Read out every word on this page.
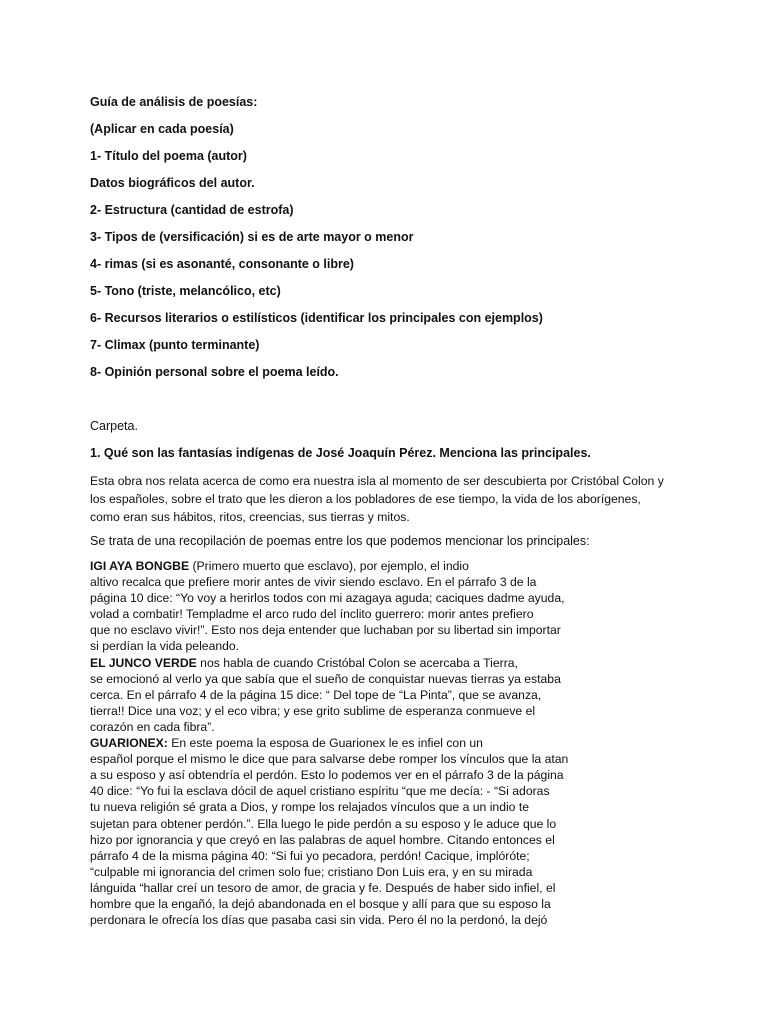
Guía de análisis de poesías:

(Aplicar en cada poesía)

1- Título del poema (autor)

Datos biográficos del autor.

2- Estructura (cantidad de estrofa)

3- Tipos de (versificación) si es de arte mayor o menor

4- rimas (si es asonanté, consonante o libre)

5- Tono (triste, melancólico, etc)

6- Recursos literarios o estilísticos (identificar los principales con ejemplos)

7- Climax (punto terminante)

8- Opinión personal sobre el poema leído.

Carpeta.

1. Qué son las fantasías indígenas de José Joaquín Pérez. Menciona las principales.

Esta obra nos relata acerca de como era nuestra isla al momento de ser descubierta por Cristóbal Colon y

los españoles, sobre el trato que les dieron a los pobladores de ese tiempo, la vida de los aborígenes,

como eran sus hábitos, ritos, creencias, sus tierras y mitos.

Se trata de una recopilación de poemas entre los que podemos mencionar los principales:

IGI AYA BONGBE (Primero muerto que esclavo), por ejemplo, el indio

altivo recalca que prefiere morir antes de vivir siendo esclavo. En el párrafo 3 de la

página 10 dice: “Yo voy a herirlos todos con mi azagaya aguda; caciques dadme ayuda,

volad a combatir! Templadme el arco rudo del ínclito guerrero: morir antes prefiero

que no esclavo vivir!”. Esto nos deja entender que luchaban por su libertad sin importar

si perdían la vida peleando.

EL JUNCO VERDE nos habla de cuando Cristóbal Colon se acercaba a Tierra,

se emocionó al verlo ya que sabía que el sueño de conquistar nuevas tierras ya estaba

cerca. En el párrafo 4 de la página 15 dice: “ Del tope de “La Pinta”, que se avanza,

tierra!! Dice una voz; y el eco vibra; y ese grito sublime de esperanza conmueve el

corazón en cada fibra”.

GUARIONEX: En este poema la esposa de Guarionex le es infiel con un

español porque el mismo le dice que para salvarse debe romper los vínculos que la atan

a su esposo y así obtendría el perdón. Esto lo podemos ver en el párrafo 3 de la página

40 dice: “Yo fui la esclava dócil de aquel cristiano espíritu “que me decía: - “Si adoras

tu nueva religión sé grata a Dios, y rompe los relajados vínculos que a un indio te

sujetan para obtener perdón.”. Ella luego le pide perdón a su esposo y le aduce que lo

hizo por ignorancia y que creyó en las palabras de aquel hombre. Citando entonces el

párrafo 4 de la misma página 40: “Si fui yo pecadora, perdón! Cacique, implóróte;

“culpable mi ignorancia del crimen solo fue; cristiano Don Luis era, y en su mirada

lánguida “hallar creí un tesoro de amor, de gracia y fe. Después de haber sido infiel, el

hombre que la engañó, la dejó abandonada en el bosque y allí para que su esposo la

perdonara le ofrecía los días que pasaba casi sin vida. Pero él no la perdonó, la dejó
